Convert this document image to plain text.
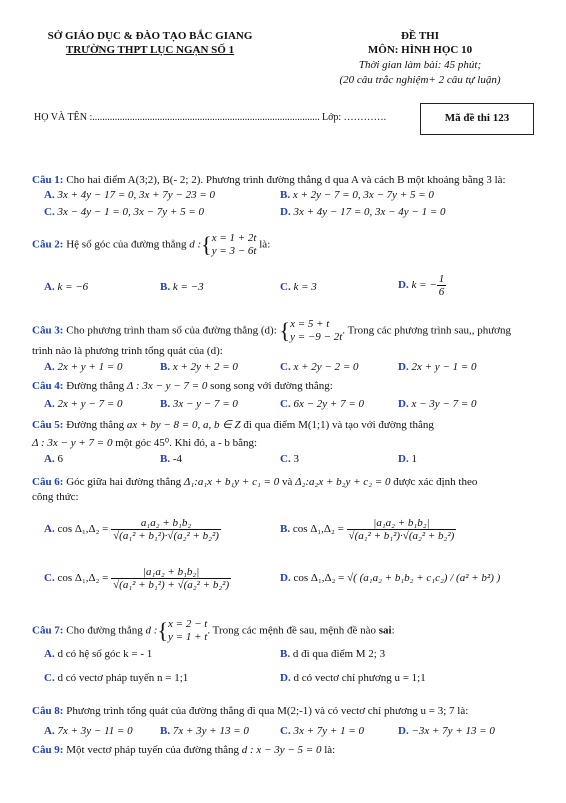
SỞ GIÁO DỤC & ĐÀO TẠO BẮC GIANG
TRƯỜNG THPT LỤC NGẠN SỐ 1
ĐỀ THI
MÔN: HÌNH HỌC 10
Thời gian làm bài: 45 phút;
(20 câu trắc nghiệm+ 2 câu tự luận)
HỌ VÀ TÊN :........................................................................................... Lớp: ………….	Mã đề thi 123
Câu 1: Cho hai điểm A(3;2), B(- 2; 2). Phương trình đường thẳng d qua A và cách B một khoảng bằng 3 là:
A. 3x + 4y − 17 = 0, 3x + 7y − 23 = 0	B. x + 2y − 7 = 0, 3x − 7y + 5 = 0
C. 3x − 4y − 1 = 0, 3x − 7y + 5 = 0	D. 3x + 4y − 17 = 0, 3x − 4y − 1 = 0
Câu 2: Hệ số góc của đường thẳng d :{x = 1 + 2t
y = 3 − 6t là:
A. k = −6	B. k = −3	C. k = 3	D. k = − $\frac{1}{6}$
Câu 3: Cho phương trình tham số của đường thẳng (d): {x = 5 + t
y = −9 − 2t. Trong các phương trình sau,, phương
trình nào là phương trình tổng quát của (d):
A. 2x + y + 1 = 0	B. x + 2y + 2 = 0	C. x + 2y − 2 = 0	D. 2x + y − 1 = 0
Câu 4: Đường thẳng Δ : 3x − y − 7 = 0 song song với đường thẳng:
A. 2x + y − 7 = 0	B. 3x − y − 7 = 0	C. 6x − 2y + 7 = 0	D. x − 3y − 7 = 0
Câu 5: Đường thẳng ax + by − 8 = 0, a, b ∈ Z đi qua điểm M(1;1) và tạo với đường thẳng
Δ : 3x − y + 7 = 0 một góc 45⁰. Khi đó, a - b bằng:
A. 6	B. -4	C. 3	D. 1
Câu 6: Góc giữa hai đường thẳng Δ₁:a₁x + b₁y + c₁ = 0 và Δ₂:a₂x + b₂y + c₂ = 0 được xác định theo
công thức:
A. $\cos \Delta_1,\Delta_2 = \frac{\text{a₁a₂ + b₁b₂}}{\text{√(a₁² + b₁²)·√(a₂² + b₂²)}}$	B. $\cos \Delta_1,\Delta_2 = \frac{\text{|a₁a₂ + b₁b₂|}}{\text{√(a₁² + b₁²)·√(a₂² + b₂²)}}$
C. $\cos \Delta_1,\Delta_2 = \frac{\text{|a₁a₂ + b₁b₂|}}{\text{√(a₁² + b₁²) + √(a₂² + b₂²)}}$	D. cos Δ₁,Δ₂ = √( (a₁a₂ + b₁b₂ + c₁c₂) / (a² + b²) )
Câu 7: Cho đường thẳng d :{x = 2 − t
y = 1 + t. Trong các mệnh đề sau, mệnh đề nào sai:
A. d có hệ số góc k = - 1	B. d đi qua điểm M 2; 3
C. d có vectơ pháp tuyến n = 1;1	D. d có vectơ chỉ phương u = 1;1
Câu 8: Phương trình tổng quát của đường thẳng đi qua M(2;-1) và có vectơ chỉ phương u = 3; 7 là:
A. 7x + 3y − 11 = 0 B. 7x + 3y + 13 = 0	C. 3x + 7y + 1 = 0	D. −3x + 7y + 13 = 0
Câu 9: Một vectơ pháp tuyến của đường thẳng d : x − 3y − 5 = 0 là:
